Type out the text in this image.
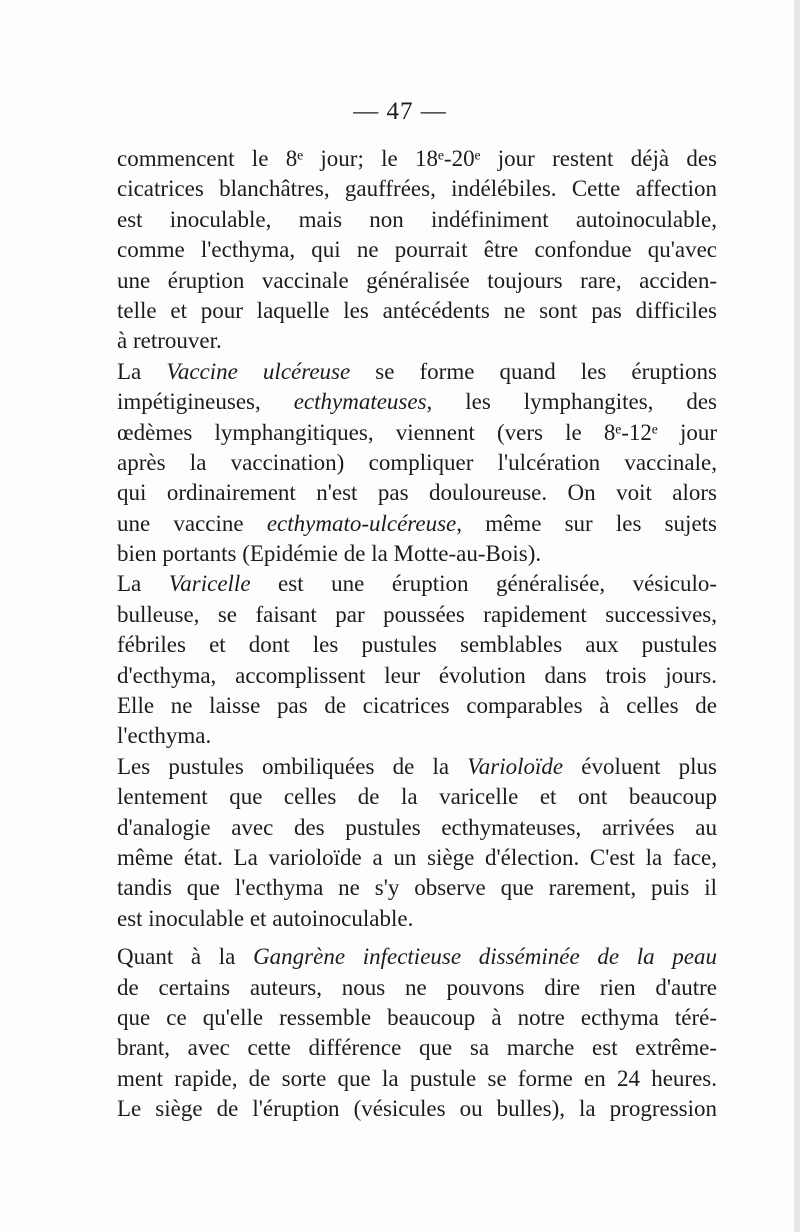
— 47 —
commencent le 8ᵉ jour; le 18ᵉ-20ᵉ jour restent déjà des
cicatrices blanchâtres, gauffrées, indélébiles. Cette affection
est inoculable, mais non indéfiniment autoinoculable,
comme l'ecthyma, qui ne pourrait être confondue qu'avec
une éruption vaccinale généralisée toujours rare, acciden-
telle et pour laquelle les antécédents ne sont pas difficiles
à retrouver.
La Vaccine ulcéreuse se forme quand les éruptions
impétigineuses, ecthymateuses, les lymphangites, des
œdèmes lymphangitiques, viennent (vers le 8ᵉ-12ᵉ jour
après la vaccination) compliquer l'ulcération vaccinale,
qui ordinairement n'est pas douloureuse. On voit alors
une vaccine ecthymato-ulcéreuse, même sur les sujets
bien portants (Epidémie de la Motte-au-Bois).
La Varicelle est une éruption généralisée, vésiculo-
bulleuse, se faisant par poussées rapidement successives,
fébriles et dont les pustules semblables aux pustules
d'ecthyma, accomplissent leur évolution dans trois jours.
Elle ne laisse pas de cicatrices comparables à celles de
l'ecthyma.
Les pustules ombiliquées de la Varioloïde évoluent plus
lentement que celles de la varicelle et ont beaucoup
d'analogie avec des pustules ecthymateuses, arrivées au
même état. La varioloïde a un siège d'élection. C'est la face,
tandis que l'ecthyma ne s'y observe que rarement, puis il
est inoculable et autoinoculable.
Quant à la Gangrène infectieuse disséminée de la peau
de certains auteurs, nous ne pouvons dire rien d'autre
que ce qu'elle ressemble beaucoup à notre ecthyma téré-
brant, avec cette différence que sa marche est extrême-
ment rapide, de sorte que la pustule se forme en 24 heures.
Le siège de l'éruption (vésicules ou bulles), la progression
